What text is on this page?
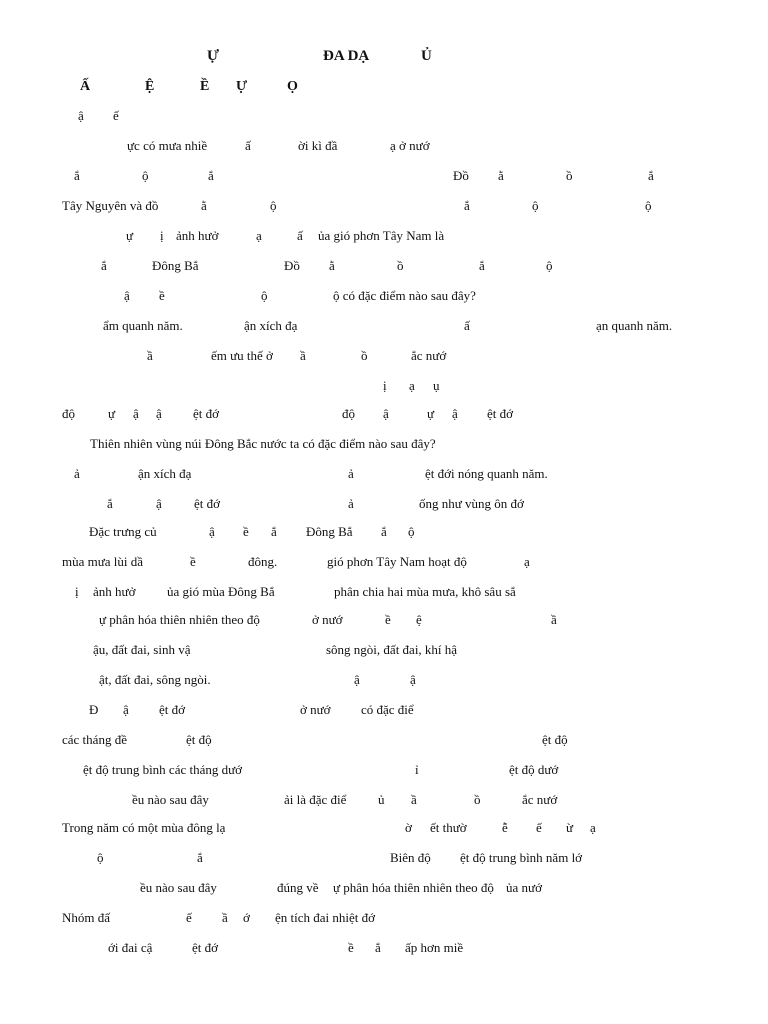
Ự	ĐA DẠ	Ủ
Ấ	Ệ	Ề Ự	Ọ
ậ ế
ực có mưa nhiề	ấ	ời kì đầ	ạ ở nướ
ắ	ộ	ắ	Đồ ằ	ồ	ắ
Tây Nguyên và đồ	ằ	ộ	ắ	ộ	ộ
ự ị ảnh hưở	ạ	ấ ủa gió phơn Tây Nam là
ắ	Đông Bắ	Đồ ằ	ồ	ắ	ộ
ậ ề	ộ	ộ có đặc điểm nào sau đây?
ẩm quanh năm.	ận xích đạ	ấ	ạn quanh năm.
ầ	ếm ưu thế ở ầ	ồ	ắc nướ
ị ạ ụ
độ	ự ậ ậ ệt đớ	độ ậ	ự ậ ệt đớ
Thiên nhiên vùng núi Đông Bắc nước ta có đặc điểm nào sau đây?
ả	ận xích đạ	ả	ệt đới nóng quanh năm.
ắ	ậ ệt đớ	ả	ống như vùng ôn đớ
Đặc trưng củ	ậ ề ắ Đông Bắ ắ ộ
mùa mưa lùi dầ	ề	đông.	gió phơn Tây Nam hoạt độ	ạ
ị ảnh hưở ủa gió mùa Đông Bắ	phân chia hai mùa mưa, khô sâu sắ
ự phân hóa thiên nhiên theo độ	ở nướ	ề ệ	ầ
ậu, đất đai, sinh vậ	sông ngòi, đất đai, khí hậ
ật, đất đai, sông ngòi.	ậ	ậ
Đ ậ ệt đớ	ở nướ có đặc điể
các tháng đề	ệt độ	ệt độ
ệt độ trung bình các tháng dướ	ỉ	ệt độ dướ
ều nào sau đây	ải là đặc điể ủ ầ	ồ	ắc nướ
Trong năm có một mùa đông lạ	ờ ết thườ	ễ ế ừ ạ
ộ	ắ	Biên độ ệt độ trung bình năm lớ
ều nào sau đây	đúng về ự phân hóa thiên nhiên theo độ ủa nướ
Nhóm đấ	ế ầ ớ ện tích đai nhiệt đớ
ới đai cậ	ệt đớ	ề ắ ấp hơn miề
